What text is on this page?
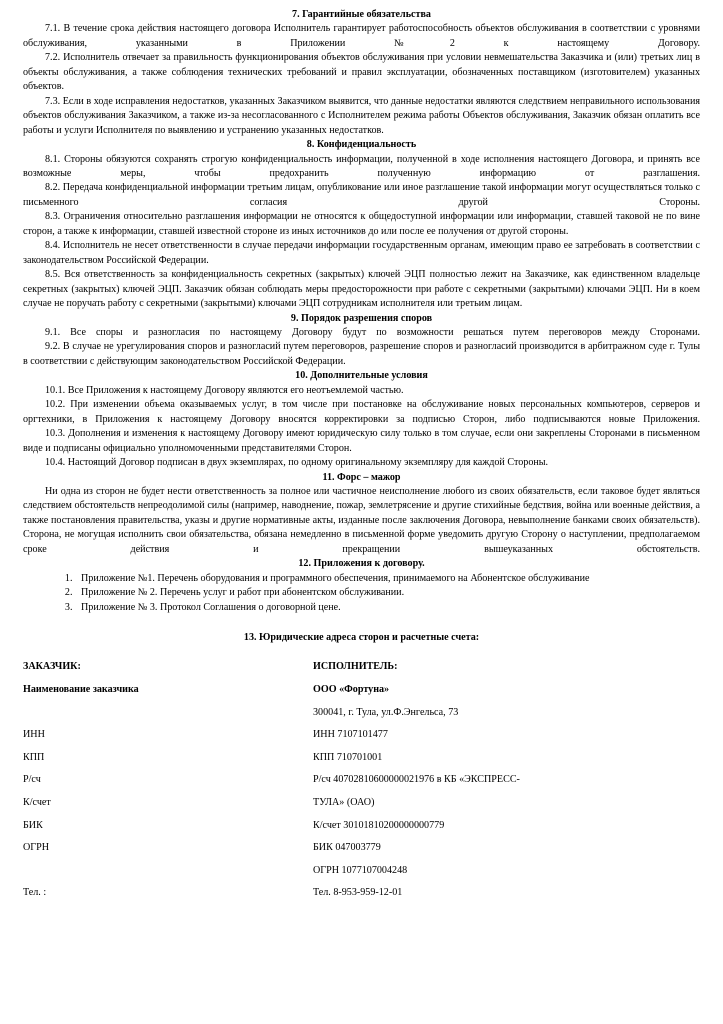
7. Гарантийные обязательства

7.1. В течение срока действия настоящего договора Исполнитель гарантирует работоспособность объектов обслуживания в соответствии с уровнями обслуживания, указанными в Приложении №2 к настоящему Договору.

7.2. Исполнитель отвечает за правильность функционирования объектов обслуживания при условии невмешательства Заказчика и (или) третьих лиц в объекты обслуживания, а также соблюдения технических требований и правил эксплуатации, обозначенных поставщиком (изготовителем) указанных объектов.

7.3. Если в ходе исправления недостатков, указанных Заказчиком выявится, что данные недостатки являются следствием неправильного использования объектов обслуживания Заказчиком, а также из-за несогласованного с Исполнителем режима работы Объектов обслуживания, Заказчик обязан оплатить все работы и услуги Исполнителя по выявлению и устранению указанных недостатков.

8. Конфиденциальность

8.1. Стороны обязуются сохранять строгую конфиденциальность информации, полученной в ходе исполнения настоящего Договора, и принять все возможные меры, чтобы предохранить полученную информацию от разглашения.

8.2. Передача конфиденциальной информации третьим лицам, опубликование или иное разглашение такой информации могут осуществляться только с письменного согласия другой Стороны.

8.3. Ограничения относительно разглашения информации не относятся к общедоступной информации или информации, ставшей таковой не по вине сторон, а также к информации, ставшей известной стороне из иных источников до или после ее получения от другой стороны.

8.4. Исполнитель не несет ответственности в случае передачи информации государственным органам, имеющим право ее затребовать в соответствии с законодательством Российской Федерации.

8.5. Вся ответственность за конфиденциальность секретных (закрытых) ключей ЭЦП полностью лежит на Заказчике, как единственном владельце секретных (закрытых) ключей ЭЦП. Заказчик обязан соблюдать меры предосторожности при работе с секретными (закрытыми) ключами ЭЦП. Ни в коем случае не поручать работу с секретными (закрытыми) ключами ЭЦП сотрудникам исполнителя или третьим лицам.

9. Порядок разрешения споров

9.1. Все споры и разногласия по настоящему Договору будут по возможности решаться путем переговоров между Сторонами.

9.2. В случае не урегулирования споров и разногласий путем переговоров, разрешение споров и разногласий производится в арбитражном суде г. Тулы в соответствии с действующим законодательством Российской Федерации.

10. Дополнительные условия

10.1. Все Приложения к настоящему Договору являются его неотъемлемой частью.

10.2. При изменении объема оказываемых услуг, в том числе при постановке на обслуживание новых персональных компьютеров, серверов и оргтехники, в Приложения к настоящему Договору вносятся корректировки за подписью Сторон, либо подписываются новые Приложения.

10.3. Дополнения и изменения к настоящему Договору имеют юридическую силу только в том случае, если они закреплены Сторонами в письменном виде и подписаны официально уполномоченными представителями Сторон.

10.4. Настоящий Договор подписан в двух экземплярах, по одному оригинальному экземпляру для каждой Стороны.

11. Форс – мажор

Ни одна из сторон не будет нести ответственность за полное или частичное неисполнение любого из своих обязательств, если таковое будет являться следствием обстоятельств непреодолимой силы (например, наводнение, пожар, землетрясение и другие стихийные бедствия, война или военные действия, а также постановления правительства, указы и другие нормативные акты, изданные после заключения Договора, невыполнение банками своих обязательств). Сторона, не могущая исполнить свои обязательства, обязана немедленно в письменной форме уведомить другую Сторону о наступлении, предполагаемом сроке действия и прекращении вышеуказанных обстоятельств.

12. Приложения к договору.
1. Приложение №1. Перечень оборудования и программного обеспечения, принимаемого на Абонентское обслуживание
2. Приложение № 2. Перечень услуг и работ при абонентском обслуживании.
3. Приложение № 3. Протокол Соглашения о договорной цене.
13. Юридические адреса сторон и расчетные счета:
ЗАКАЗЧИК:
Наименование заказчика
ИНН
КПП
Р/сч
К/счет
БИК
ОГРН
Тел. :
ИСПОЛНИТЕЛЬ:
ООО «Фортуна»
300041, г. Тула, ул.Ф.Энгельса, 73
ИНН 7107101477
КПП 710701001
Р/сч 40702810600000021976 в КБ «ЭКСПРЕСС-
ТУЛА» (ОАО)
К/счет 30101810200000000779
БИК 047003779
ОГРН 1077107004248
Тел. 8-953-959-12-01
